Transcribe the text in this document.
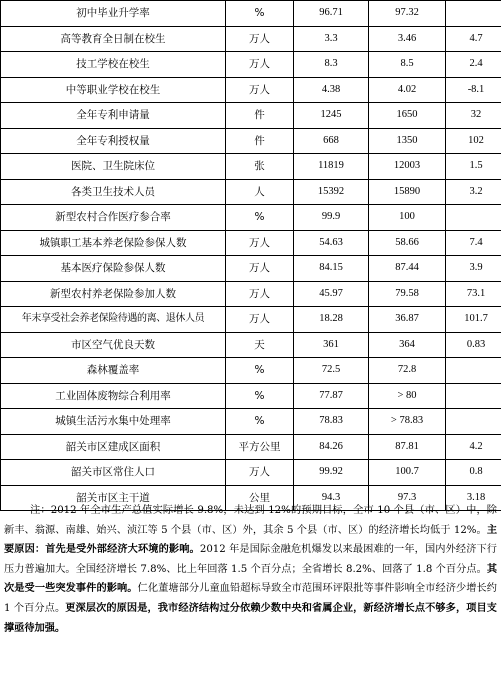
初中毕业升学率	%	96.71	97.32	
高等教育全日制在校生	万人	3.3	3.46	4.7
技工学校在校生	万人	8.3	8.5	2.4
中等职业学校在校生	万人	4.38	4.02	-8.1
全年专利申请量	件	1245	1650	32
全年专利授权量	件	668	1350	102
医院、卫生院床位	张	11819	12003	1.5
各类卫生技术人员	人	15392	15890	3.2
新型农村合作医疗参合率	%	99.9	100	
城镇职工基本养老保险参保人数	万人	54.63	58.66	7.4
基本医疗保险参保人数	万人	84.15	87.44	3.9
新型农村养老保险参加人数	万人	45.97	79.58	73.1
年末享受社会养老保险待遇的离、退休人员	万人	18.28	36.87	101.7
市区空气优良天数	天	361	364	0.83
森林覆盖率	%	72.5	72.8	
工业固体废物综合利用率	%	77.87	> 80	
城镇生活污水集中处理率	%	78.83	> 78.83	
韶关市区建成区面积	平方公里	84.26	87.81	4.2
韶关市区常住人口	万人	99.92	100.7	0.8
韶关市区主干道	公里	94.3	97.3	3.18

注：2012 年全市生产总值实际增长 9.8%，未达到 12%的预期目标，全市 10 个县（市、区）中，除新丰、翁源、南雄、始兴、浈江等 5 个县（市、区）外，其余 5 个县（市、区）的经济增长均低于 12%。主要原因：首先是受外部经济大环境的影响。2012 年是国际金融危机爆发以来最困难的一年，国内外经济下行压力普遍加大。全国经济增长 7.8%、比上年回落 1.5 个百分点；全省增长 8.2%、回落了 1.8 个百分点。其次是受一些突发事件的影响。仁化董塘部分儿童血铅超标导致全市范围环评限批等事件影响全市经济少增长约 1 个百分点。更深层次的原因是，我市经济结构过分依赖少数中央和省属企业，新经济增长点不够多，项目支撑亟待加强。
